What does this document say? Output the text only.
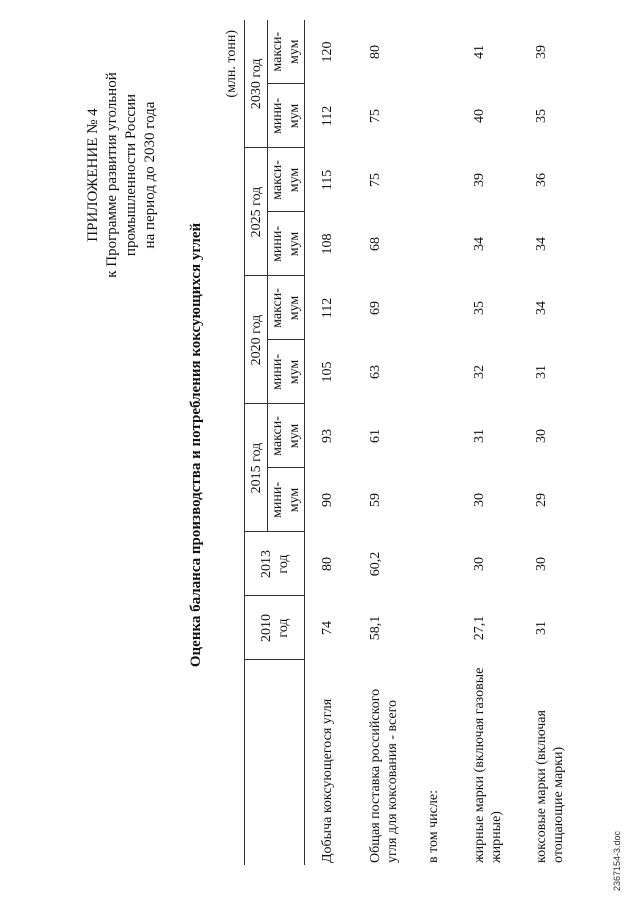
ПРИЛОЖЕНИЕ № 4 к Программе развития угольной промышленности России на период до 2030 года
Оценка баланса производства и потребления коксующихся углей
(млн. тонн)
	2010 год	2013 год	2015 год		2020 год		2025 год		2030 год	
			мини- мум	макси- мум	мини- мум	макси- мум	мини- мум	макси- мум	мини- мум	макси- мум
Добыча коксующегося угля	74	80	90	93	105	112	108	115	112	120
Общая поставка российского угля для коксования - всего	58,1	60,2	59	61	63	69	68	75	75	80
в том числе:										
жирные марки (включая газовые жирные)	27,1	30	30	31	32	35	34	39	40	41
коксовые марки (включая отощающие марки)	31	30	29	30	31	34	34	36	35	39
2367154-3.doc
